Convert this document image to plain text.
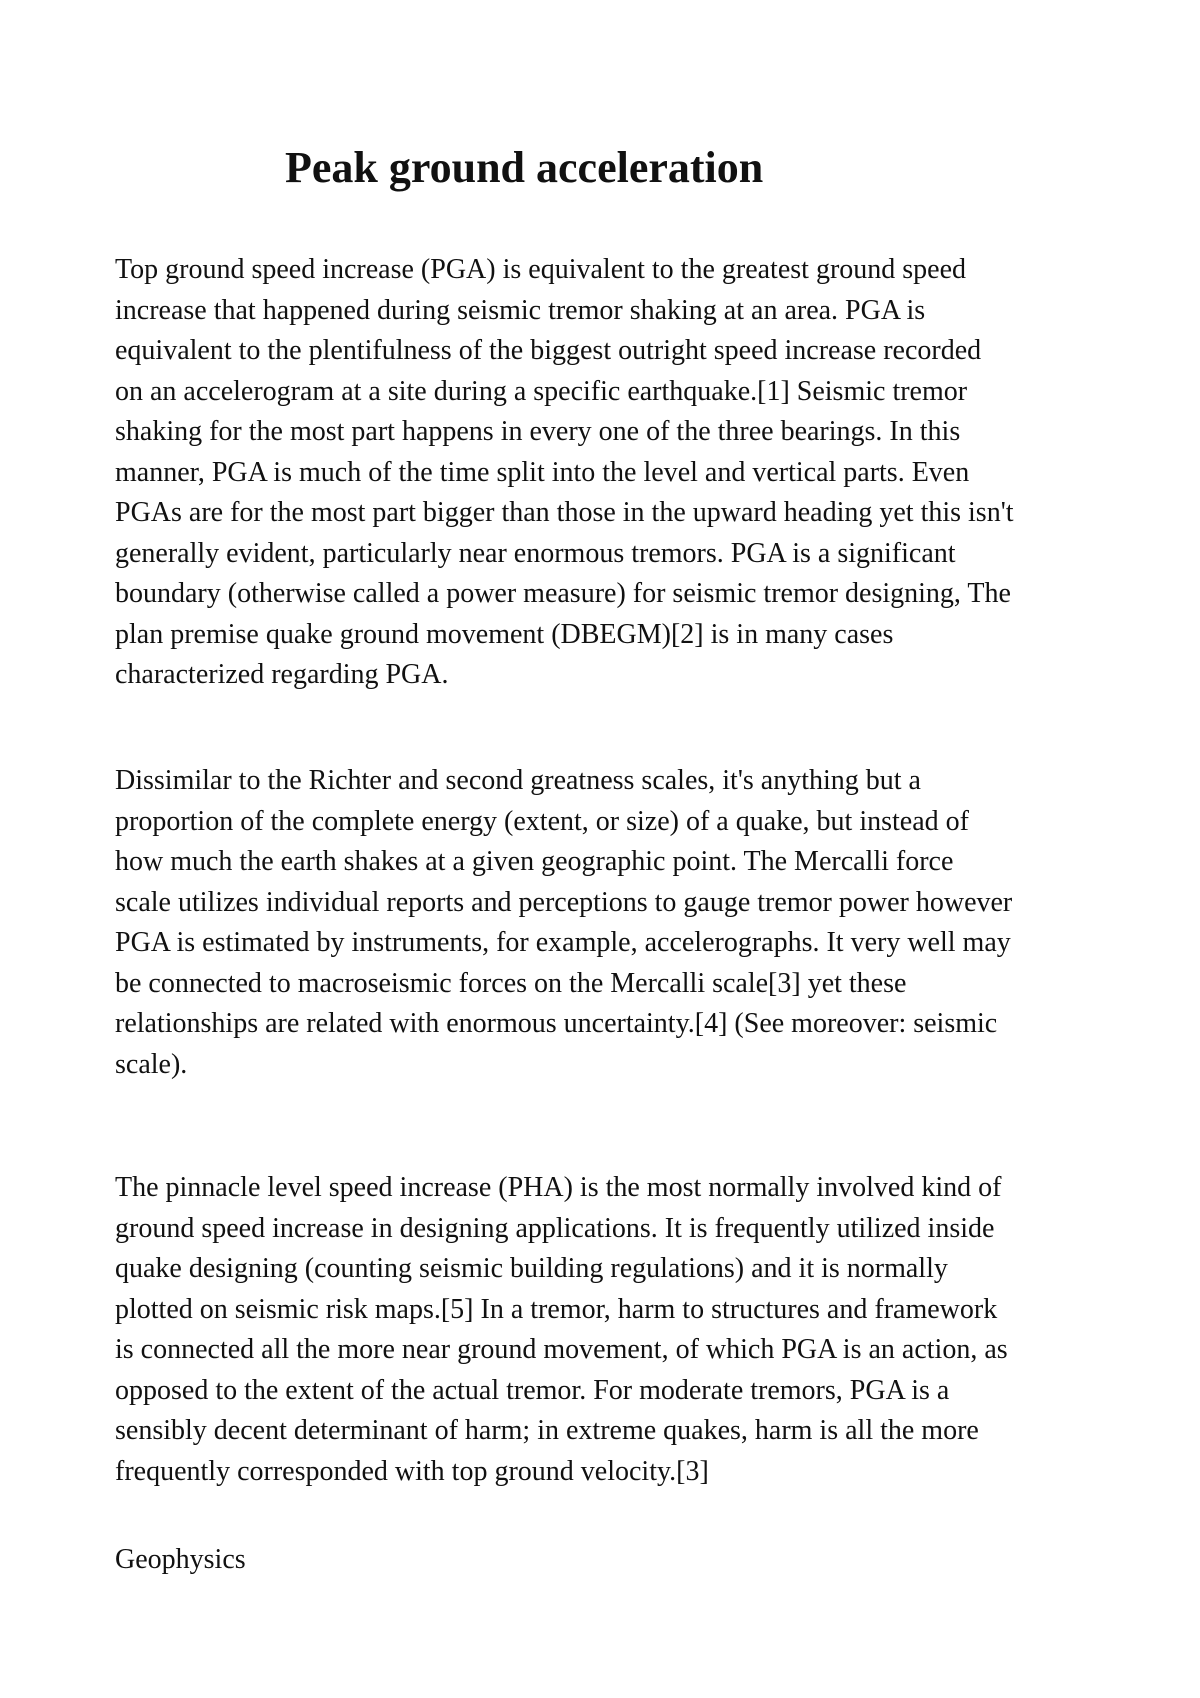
Peak ground acceleration

Top ground speed increase (PGA) is equivalent to the greatest ground speed
increase that happened during seismic tremor shaking at an area. PGA is
equivalent to the plentifulness of the biggest outright speed increase recorded
on an accelerogram at a site during a specific earthquake.[1] Seismic tremor
shaking for the most part happens in every one of the three bearings. In this
manner, PGA is much of the time split into the level and vertical parts. Even
PGAs are for the most part bigger than those in the upward heading yet this isn't
generally evident, particularly near enormous tremors. PGA is a significant
boundary (otherwise called a power measure) for seismic tremor designing, The
plan premise quake ground movement (DBEGM)[2] is in many cases
characterized regarding PGA.

Dissimilar to the Richter and second greatness scales, it's anything but a
proportion of the complete energy (extent, or size) of a quake, but instead of
how much the earth shakes at a given geographic point. The Mercalli force
scale utilizes individual reports and perceptions to gauge tremor power however
PGA is estimated by instruments, for example, accelerographs. It very well may
be connected to macroseismic forces on the Mercalli scale[3] yet these
relationships are related with enormous uncertainty.[4] (See moreover: seismic
scale).

The pinnacle level speed increase (PHA) is the most normally involved kind of
ground speed increase in designing applications. It is frequently utilized inside
quake designing (counting seismic building regulations) and it is normally
plotted on seismic risk maps.[5] In a tremor, harm to structures and framework
is connected all the more near ground movement, of which PGA is an action, as
opposed to the extent of the actual tremor. For moderate tremors, PGA is a
sensibly decent determinant of harm; in extreme quakes, harm is all the more
frequently corresponded with top ground velocity.[3]

Geophysics
